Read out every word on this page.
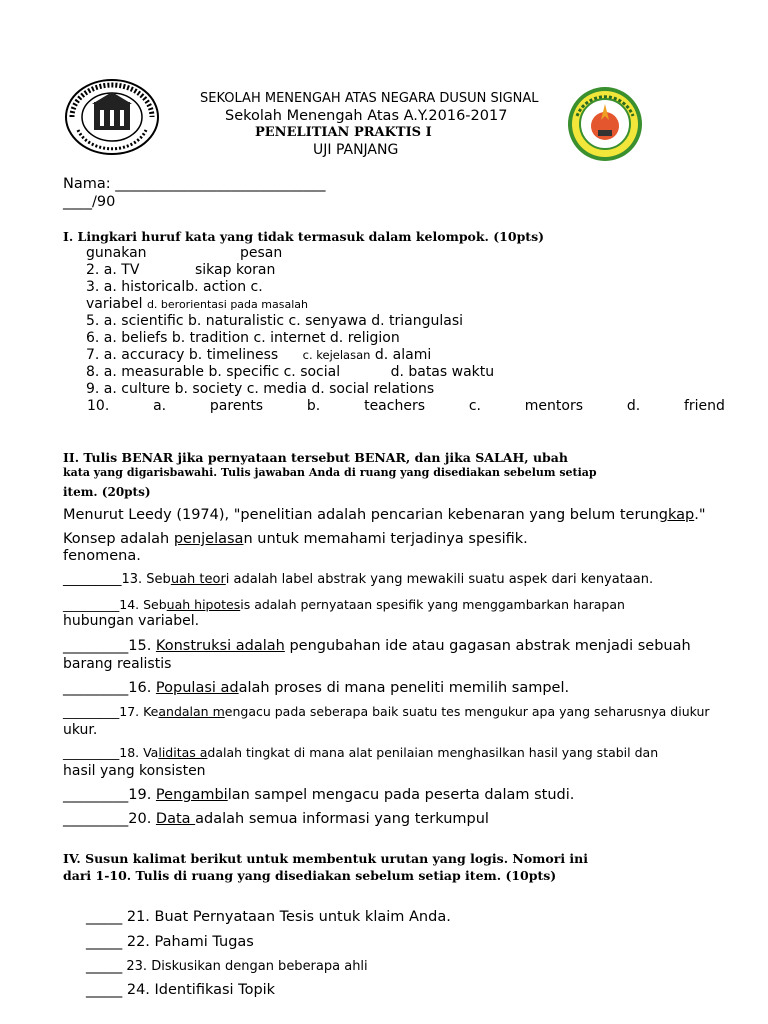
SEKOLAH MENENGAH ATAS NEGARA DUSUN SIGNAL
Sekolah Menengah Atas A.Y.2016-2017
PENELITIAN PRAKTIS I
UJI PANJANG
Nama: _____________________________
____/90
I. Lingkari huruf kata yang tidak termasuk dalam kelompok. (10pts)
gunakan	pesan
2. a. TV	sikap koran
3. a. historicalb. action c.
variabel d. berorientasi pada masalah
5. a. scientific b. naturalistic c. senyawa d. triangulasi
6. a. beliefs b. tradition c. internet d. religion
7. a. accuracy b. timeliness c. kejelasan d. alami
8. a. measurable b. specific c. social	d. batas waktu
9. a. culture b. society c. media d. social relations
10.	a.	parents	b.	teachers	c.	mentors	d.	friend
II. Tulis BENAR jika pernyataan tersebut BENAR, dan jika SALAH, ubah
kata yang digarisbawahi. Tulis jawaban Anda di ruang yang disediakan sebelum setiap
item. (20pts)
Menurut Leedy (1974), "penelitian adalah pencarian kebenaran yang belum terungkap."
Konsep adalah penjelasan untuk memahami terjadinya spesifik.
fenomena.
_________13. Sebuah teori adalah label abstrak yang mewakili suatu aspek dari kenyataan.
_________14. Sebuah hipotesis adalah pernyataan spesifik yang menggambarkan harapan
hubungan variabel.
_________15. Konstruksi adalah pengubahan ide atau gagasan abstrak menjadi sebuah
barang realistis
_________16. Populasi adalah proses di mana peneliti memilih sampel.
_________17. Keandalan mengacu pada seberapa baik suatu tes mengukur apa yang seharusnya diukur
ukur.
_________18. Validitas adalah tingkat di mana alat penilaian menghasilkan hasil yang stabil dan
hasil yang konsisten
_________19. Pengambilan sampel mengacu pada peserta dalam studi.
_________20. Data adalah semua informasi yang terkumpul
IV. Susun kalimat berikut untuk membentuk urutan yang logis. Nomori ini
dari 1-10. Tulis di ruang yang disediakan sebelum setiap item. (10pts)
_____ 21. Buat Pernyataan Tesis untuk klaim Anda.
_____ 22. Pahami Tugas
_____ 23. Diskusikan dengan beberapa ahli
_____ 24. Identifikasi Topik
